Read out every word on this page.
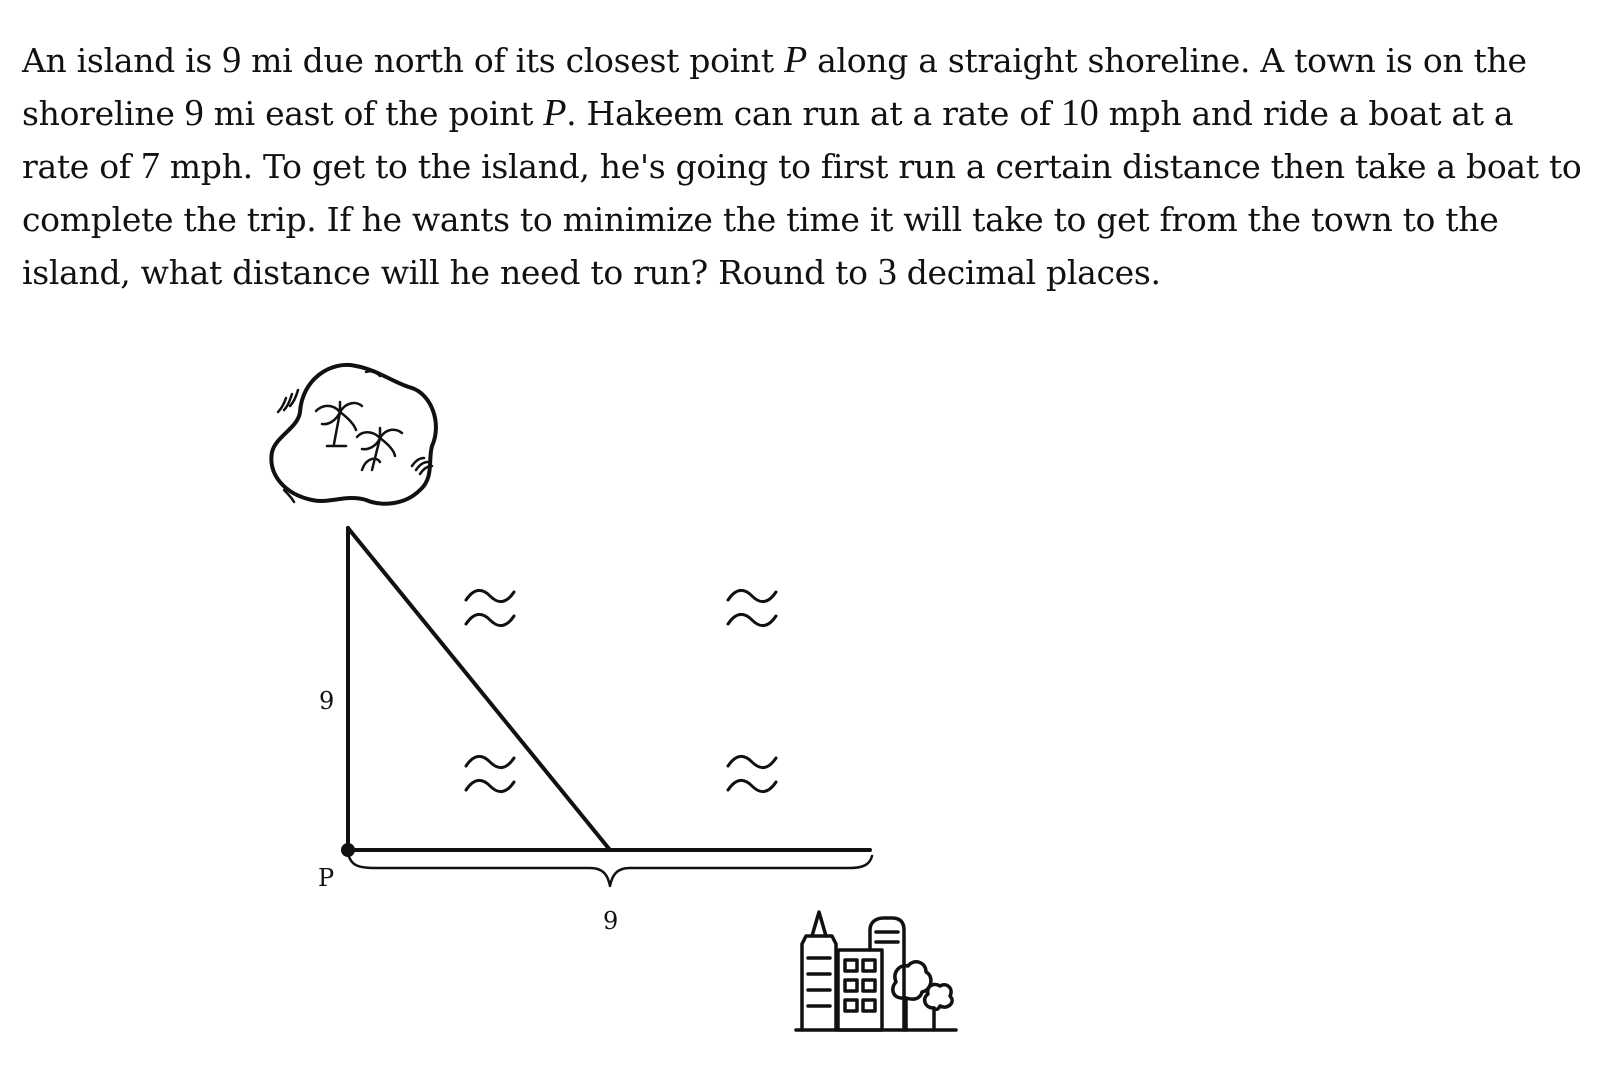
An island is 9 mi due north of its closest point P along a straight shoreline. A town is on the shoreline 9 mi east of the point P. Hakeem can run at a rate of 10 mph and ride a boat at a rate of 7 mph. To get to the island, he's going to first run a certain distance then take a boat to complete the trip. If he wants to minimize the time it will take to get from the town to the island, what distance will he need to run? Round to 3 decimal places.

9
P
9
